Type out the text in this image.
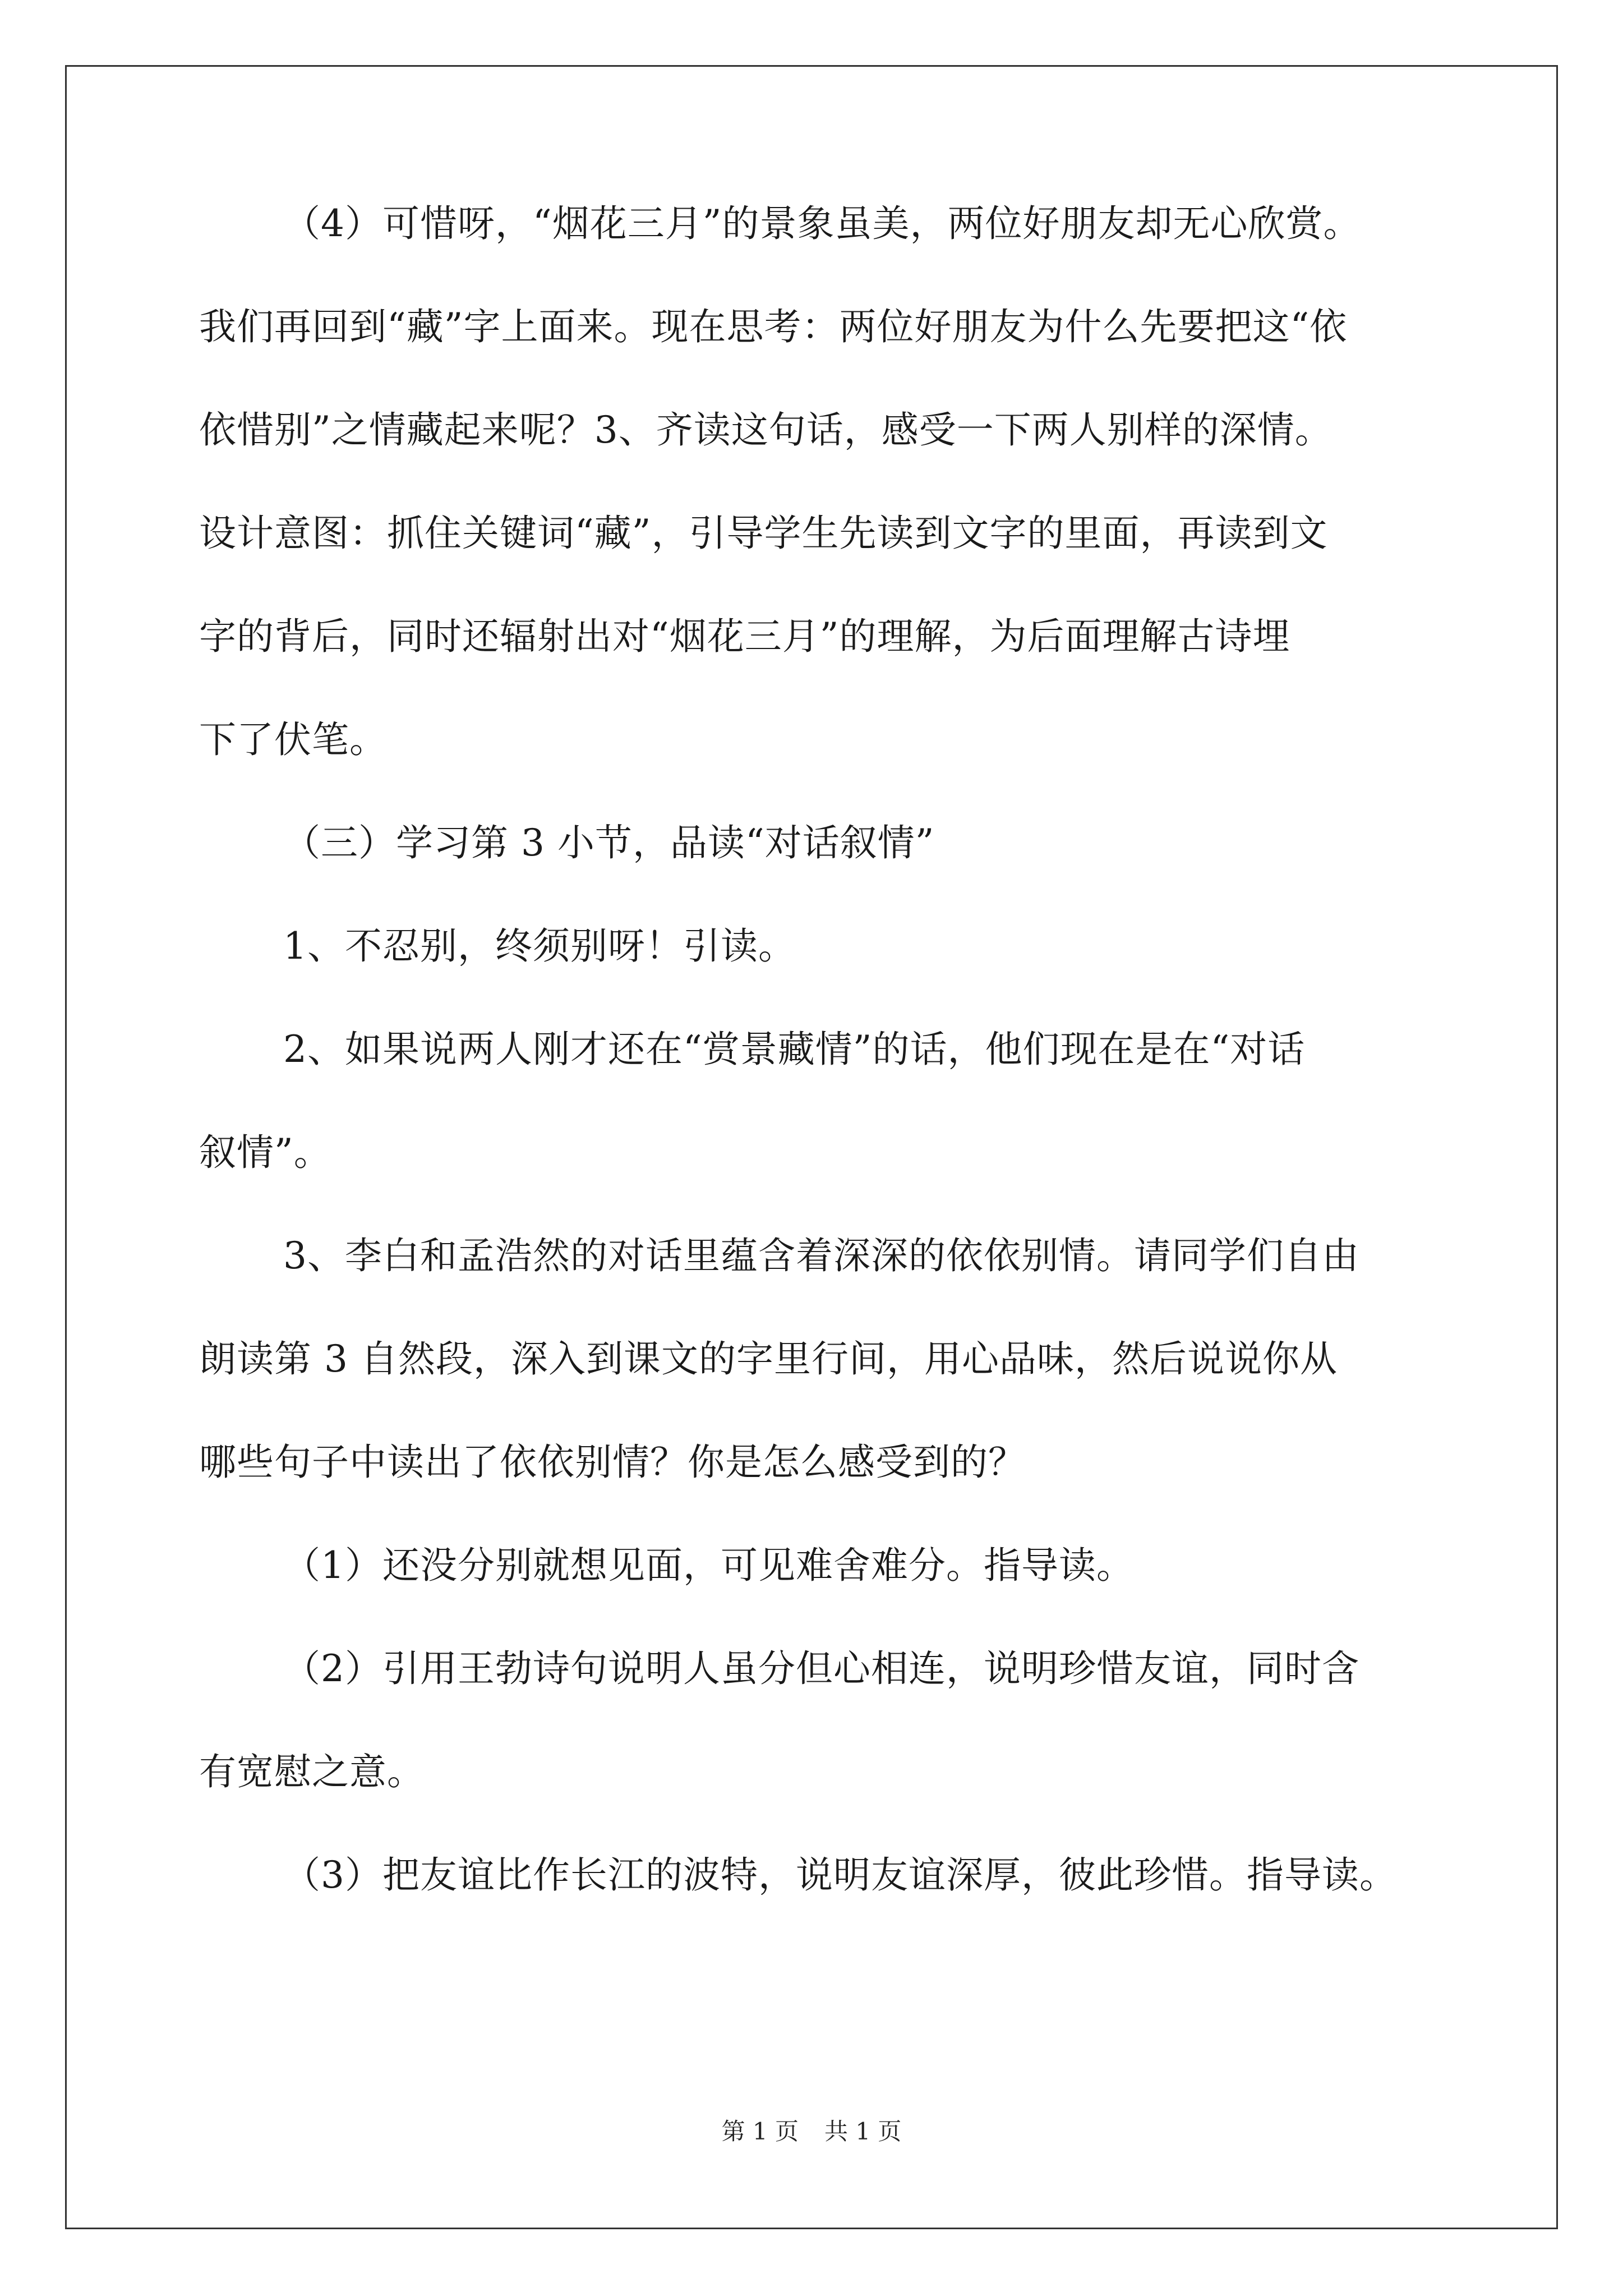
（4）可惜呀，“烟花三月”的景象虽美，两位好朋友却无心欣赏。
我们再回到“藏”字上面来。现在思考：两位好朋友为什么先要把这“依
依惜别”之情藏起来呢？3、齐读这句话，感受一下两人别样的深情。
设计意图：抓住关键词“藏”，引导学生先读到文字的里面，再读到文
字的背后，同时还辐射出对“烟花三月”的理解，为后面理解古诗埋
下了伏笔。
（三）学习第 3 小节，品读“对话叙情”
1、不忍别，终须别呀！引读。
2、如果说两人刚才还在“赏景藏情”的话，他们现在是在“对话
叙情”。
3、李白和孟浩然的对话里蕴含着深深的依依别情。请同学们自由
朗读第 3 自然段，深入到课文的字里行间，用心品味，然后说说你从
哪些句子中读出了依依别情？你是怎么感受到的？
（1）还没分别就想见面，可见难舍难分。指导读。
（2）引用王勃诗句说明人虽分但心相连，说明珍惜友谊，同时含
有宽慰之意。
（3）把友谊比作长江的波特，说明友谊深厚，彼此珍惜。指导读。
第 1 页 共 1 页
